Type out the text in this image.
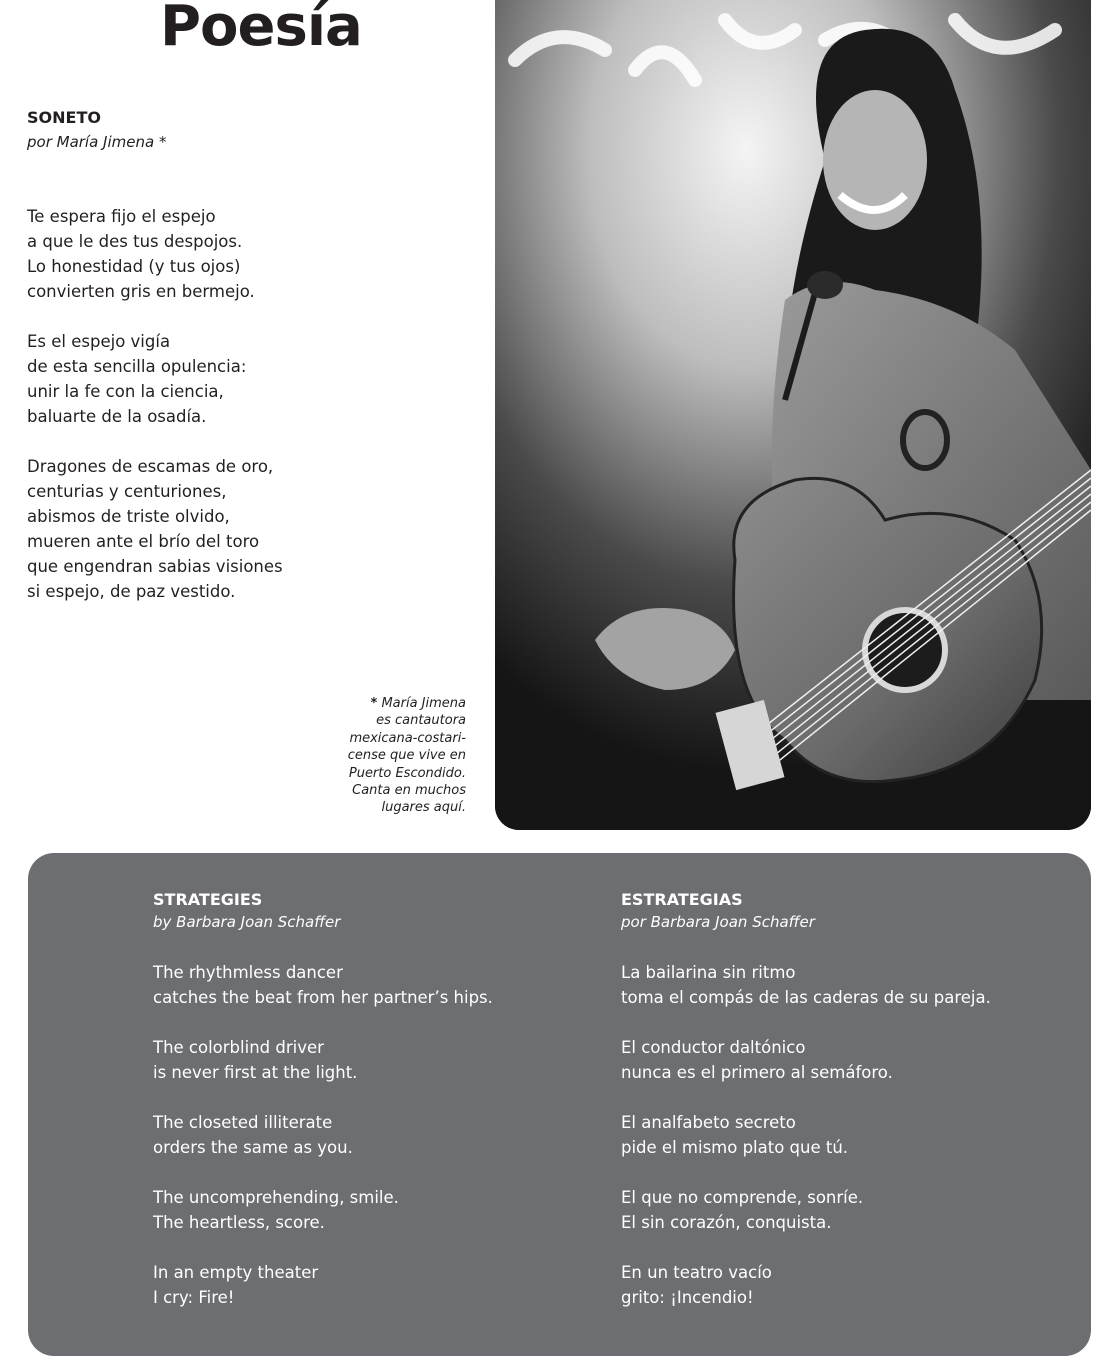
Poesía
SONETO
por María Jimena *
Te espera fijo el espejo
a que le des tus despojos.
Lo honestidad (y tus ojos)
convierten gris en bermejo.
Es el espejo vigía
de esta sencilla opulencia:
unir la fe con la ciencia,
baluarte de la osadía.
Dragones de escamas de oro,
centurias y centuriones,
abismos de triste olvido,
mueren ante el brío del toro
que engendran sabias visiones
si espejo, de paz vestido.
* María Jimena
es cantautora
mexicana-costari-
cense que vive en
Puerto Escondido.
Canta en muchos
lugares aquí.
STRATEGIES
by Barbara Joan Schaffer
The rhythmless dancer
catches the beat from her partner’s hips.
The colorblind driver
is never first at the light.
The closeted illiterate
orders the same as you.
The uncomprehending, smile.
The heartless, score.
In an empty theater
I cry: Fire!
ESTRATEGIAS
por Barbara Joan Schaffer
La bailarina sin ritmo
toma el compás de las caderas de su pareja.
El conductor daltónico
nunca es el primero al semáforo.
El analfabeto secreto
pide el mismo plato que tú.
El que no comprende, sonríe.
El sin corazón, conquista.
En un teatro vacío
grito: ¡Incendio!
